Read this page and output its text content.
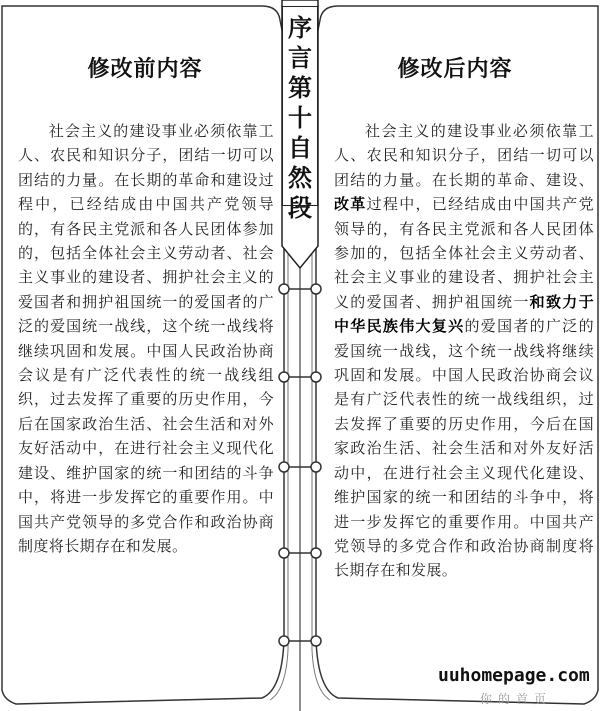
修改前内容
社会主义的建设事业必须依靠工人、农民和知识分子，团结一切可以团结的力量。在长期的革命和建设过程中，已经结成由中国共产党领导的，有各民主党派和各人民团体参加的，包括全体社会主义劳动者、社会主义事业的建设者、拥护社会主义的爱国者和拥护祖国统一的爱国者的广泛的爱国统一战线，这个统一战线将继续巩固和发展。中国人民政治协商会议是有广泛代表性的统一战线组织，过去发挥了重要的历史作用，今后在国家政治生活、社会生活和对外友好活动中，在进行社会主义现代化建设、维护国家的统一和团结的斗争中，将进一步发挥它的重要作用。中国共产党领导的多党合作和政治协商制度将长期存在和发展。
修改后内容
社会主义的建设事业必须依靠工人、农民和知识分子，团结一切可以团结的力量。在长期的革命、建设、改革过程中，已经结成由中国共产党领导的，有各民主党派和各人民团体参加的，包括全体社会主义劳动者、社会主义事业的建设者、拥护社会主义的爱国者、拥护祖国统一和致力于中华民族伟大复兴的爱国者的广泛的爱国统一战线，这个统一战线将继续巩固和发展。中国人民政治协商会议是有广泛代表性的统一战线组织，过去发挥了重要的历史作用，今后在国家政治生活、社会生活和对外友好活动中，在进行社会主义现代化建设、维护国家的统一和团结的斗争中，将进一步发挥它的重要作用。中国共产党领导的多党合作和政治协商制度将长期存在和发展。
序
言
第
十
自
然
段
uuhomepage.com
你的首页
